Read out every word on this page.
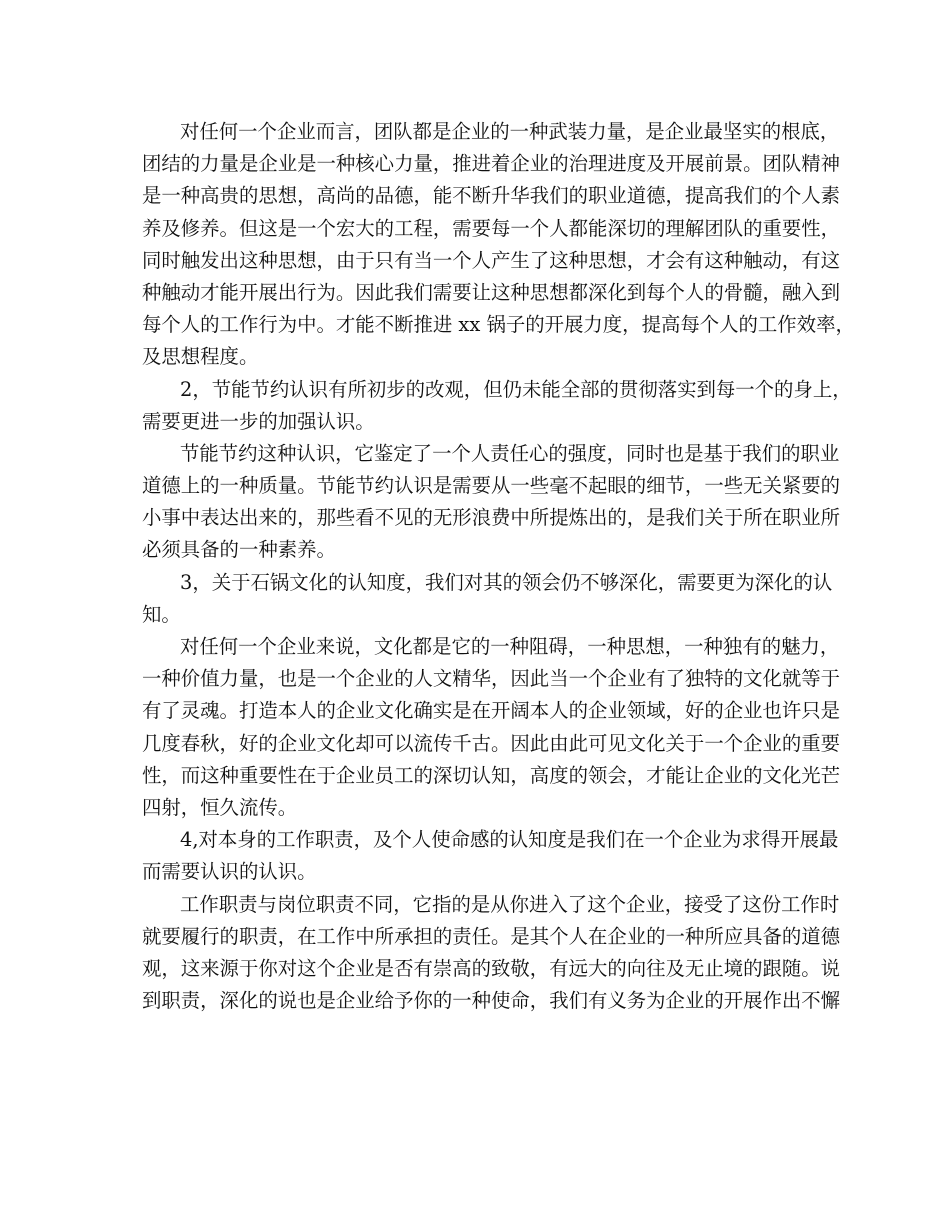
对任何一个企业而言，团队都是企业的一种武装力量，是企业最坚实的根底，
团结的力量是企业是一种核心力量，推进着企业的治理进度及开展前景。团队精神
是一种高贵的思想，高尚的品德，能不断升华我们的职业道德，提高我们的个人素
养及修养。但这是一个宏大的工程，需要每一个人都能深切的理解团队的重要性，
同时触发出这种思想，由于只有当一个人产生了这种思想，才会有这种触动，有这
种触动才能开展出行为。因此我们需要让这种思想都深化到每个人的骨髓，融入到
每个人的工作行为中。才能不断推进 xx 锅子的开展力度，提高每个人的工作效率，
及思想程度。
2，节能节约认识有所初步的改观，但仍未能全部的贯彻落实到每一个的身上，
需要更进一步的加强认识。
节能节约这种认识，它鉴定了一个人责任心的强度，同时也是基于我们的职业
道德上的一种质量。节能节约认识是需要从一些毫不起眼的细节，一些无关紧要的
小事中表达出来的，那些看不见的无形浪费中所提炼出的，是我们关于所在职业所
必须具备的一种素养。
3，关于石锅文化的认知度，我们对其的领会仍不够深化，需要更为深化的认
知。
对任何一个企业来说，文化都是它的一种阻碍，一种思想，一种独有的魅力，
一种价值力量，也是一个企业的人文精华，因此当一个企业有了独特的文化就等于
有了灵魂。打造本人的企业文化确实是在开阔本人的企业领域，好的企业也许只是
几度春秋，好的企业文化却可以流传千古。因此由此可见文化关于一个企业的重要
性，而这种重要性在于企业员工的深切认知，高度的领会，才能让企业的文化光芒
四射，恒久流传。
4,对本身的工作职责，及个人使命感的认知度是我们在一个企业为求得开展最
而需要认识的认识。
工作职责与岗位职责不同，它指的是从你进入了这个企业，接受了这份工作时
就要履行的职责，在工作中所承担的责任。是其个人在企业的一种所应具备的道德
观，这来源于你对这个企业是否有崇高的致敬，有远大的向往及无止境的跟随。说
到职责，深化的说也是企业给予你的一种使命，我们有义务为企业的开展作出不懈
